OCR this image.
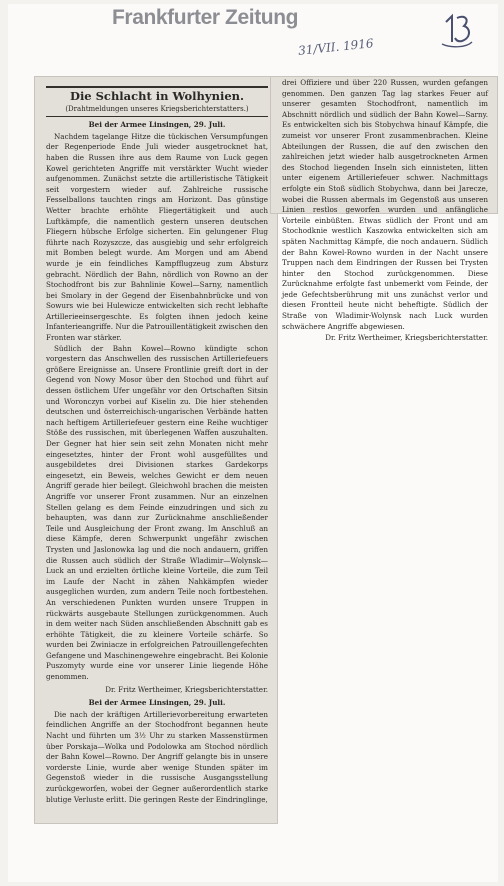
Frankfurter Zeitung
31/VII. 1916
Die Schlacht in Wolhynien.
(Drahtmeldungen unseres Kriegsberichterstatters.)
Bei der Armee Linsingen, 29. Juli.

Nachdem tagelange Hitze die tückischen Versumpfungen der Regenperiode Ende Juli wieder ausgetrocknet hat, haben die Russen ihre aus dem Raume von Luck gegen Kowel gerichteten Angriffe mit verstärkter Wucht wieder aufgenommen. Zunächst setzte die artilleristische Tätigkeit seit vorgestern wieder auf. Zahlreiche russische Fesselballons tauchten rings am Horizont. Das günstige Wetter brachte erhöhte Fliegertätigkeit und auch Luftkämpfe, die namentlich gestern unseren deutschen Fliegern hübsche Erfolge sicherten. Ein gelungener Flug führte nach Rozyszcze, das ausgiebig und sehr erfolgreich mit Bomben belegt wurde. Am Morgen und am Abend wurde je ein feindliches Kampfflugzeug zum Absturz gebracht. Nördlich der Bahn, nördlich von Rowno an der Stochodfront bis zur Bahnlinie Kowel—Sarny, namentlich bei Smolary in der Gegend der Eisenbahnbrücke und von Sowurs wie bei Hulewicze entwickelten sich recht lebhafte Artillerieeinsergeschte. Es folgten ihnen jedoch keine Infanterieangriffe. Nur die Patrouillentätigkeit zwischen den Fronten war stärker.

Südlich der Bahn Kowel—Rowno kündigte schon vorgestern das Anschwellen des russischen Artilleriefeuers größere Ereignisse an. Unsere Frontlinie greift dort in der Gegend von Nowy Mosor über den Stochod und führt auf dessen östlichem Ufer ungefähr vor den Ortschaften Sitsin und Woronczyn vorbei auf Kiselin zu. Die hier stehenden deutschen und österreichisch-ungarischen Verbände hatten nach heftigem Artilleriefeuer gestern eine Reihe wuchtiger Stöße des russischen, mit überlegenen Waffen auszuhalten. Der Gegner hat hier sein seit zehn Monaten nicht mehr eingesetztes, hinter der Front wohl ausgefülltes und ausgebildetes drei Divisionen starkes Gardekorps eingesetzt, ein Beweis, welches Gewicht er dem neuen Angriff gerade hier beilegt. Gleichwohl brachen die meisten Angriffe vor unserer Front zusammen. Nur an einzelnen Stellen gelang es dem Feinde einzudringen und sich zu behaupten, was dann zur Zurücknahme anschließender Teile und Ausgleichung der Front zwang. Im Anschluß an diese Kämpfe, deren Schwerpunkt ungefähr zwischen Trysten und Jaslonowka lag und die noch andauern, griffen die Russen auch südlich der Straße Wladimir—Wolynsk—Luck an und erzielten örtliche kleine Vorteile, die zum Teil im Laufe der Nacht in zähen Nahkämpfen wieder ausgeglichen wurden, zum andern Teile noch fortbestehen. An verschiedenen Punkten wurden unsere Truppen in rückwärts ausgebaute Stellungen zurückgenommen. Auch in dem weiter nach Süden anschließenden Abschnitt gab es erhöhte Tätigkeit, die zu kleinere Vorteile schärfe. So wurden bei Zwiniacze in erfolgreichen Patrouillengefechten Gefangene und Maschinengewehre eingebracht. Bei Kolonie Puszomyty wurde eine vor unserer Linie liegende Höhe genommen.

Dr. Fritz Wertheimer, Kriegsberichterstatter.
Bei der Armee Linsingen, 29. Juli.

Die nach der kräftigen Artillerievorbereitung erwarteten feindlichen Angriffe an der Stochodfront begannen heute Nacht und führten um 3½ Uhr zu starken Massenstürmen über Porskaja—Wolka und Podolowka am Stochod nördlich der Bahn Kowel—Rowno. Der Angriff gelangte bis in unsere vorderste Linie, wurde aber wenige Stunden später im Gegenstoß wieder in die russische Ausgangsstellung zurückgeworfen, wobei der Gegner außerordentlich starke blutige Verluste erlitt. Die geringen Reste der Eindringlinge,

drei Offiziere und über 220 Russen, wurden gefangen genommen. Den ganzen Tag lag starkes Feuer auf unserer gesamten Stochodfront, namentlich im Abschnitt nördlich und südlich der Bahn Kowel—Sarny. Es entwickelten sich bis Stobychwa hinauf Kämpfe, die zumeist vor unserer Front zusammenbrachen. Kleine Abteilungen der Russen, die auf den zwischen den zahlreichen jetzt wieder halb ausgetrockneten Armen des Stochod liegenden Inseln sich einnisteten, litten unter eigenem Artilleriefeuer schwer. Nachmittags erfolgte ein Stoß südlich Stobychwa, dann bei Jarecze, wobei die Russen abermals im Gegenstoß aus unseren Linien restlos geworfen wurden und anfängliche Vorteile einbüßten. Etwas südlich der Front und am Stochodknie westlich Kaszowka entwickelten sich am späten Nachmittag Kämpfe, die noch andauern. Südlich der Bahn Kowel-Rowno wurden in der Nacht unsere Truppen nach dem Eindringen der Russen bei Trysten hinter den Stochod zurückgenommen. Diese Zurücknahme erfolgte fast unbemerkt vom Feinde, der jede Gefechtsberührung mit uns zunächst verlor und diesen Frontteil heute nicht beheftigte. Südlich der Straße von Wladimir-Wolynsk nach Luck wurden schwächere Angriffe abgewiesen.

Dr. Fritz Wertheimer, Kriegsberichterstatter.
